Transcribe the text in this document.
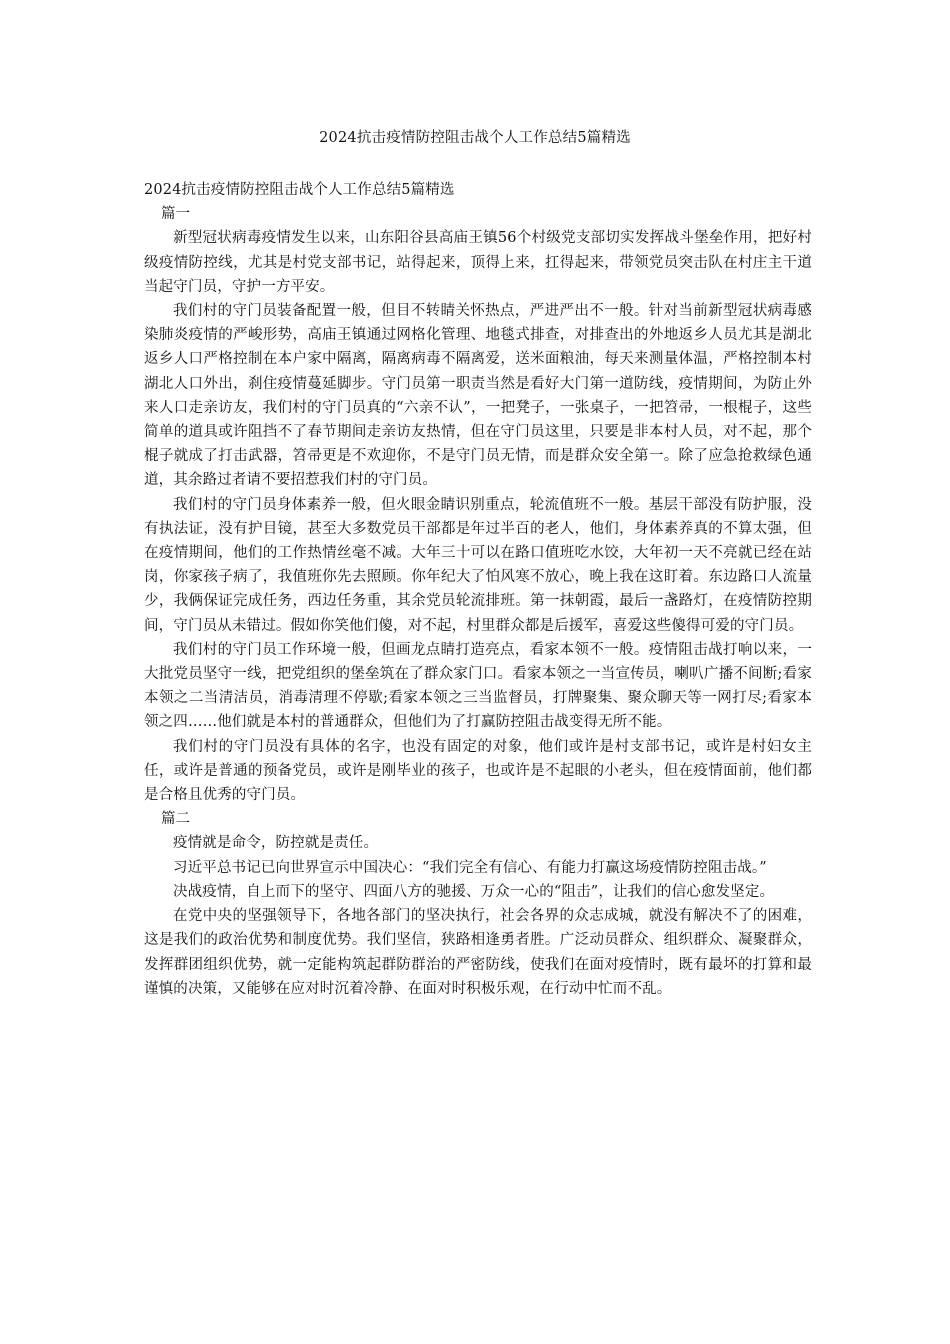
2024抗击疫情防控阻击战个人工作总结5篇精选

2024抗击疫情防控阻击战个人工作总结5篇精选

篇一

新型冠状病毒疫情发生以来，山东阳谷县高庙王镇56个村级党支部切实发挥战斗堡垒作用，把好村级疫情防控线，尤其是村党支部书记，站得起来，顶得上来，扛得起来，带领党员突击队在村庄主干道当起守门员，守护一方平安。

我们村的守门员装备配置一般，但目不转睛关怀热点，严进严出不一般。针对当前新型冠状病毒感染肺炎疫情的严峻形势，高庙王镇通过网格化管理、地毯式排查，对排查出的外地返乡人员尤其是湖北返乡人口严格控制在本户家中隔离，隔离病毒不隔离爱，送米面粮油，每天来测量体温，严格控制本村湖北人口外出，刹住疫情蔓延脚步。守门员第一职责当然是看好大门第一道防线，疫情期间，为防止外来人口走亲访友，我们村的守门员真的“六亲不认”，一把凳子，一张桌子，一把笤帚，一根棍子，这些简单的道具或许阻挡不了春节期间走亲访友热情，但在守门员这里，只要是非本村人员，对不起，那个棍子就成了打击武器，笤帚更是不欢迎你，不是守门员无情，而是群众安全第一。除了应急抢救绿色通道，其余路过者请不要招惹我们村的守门员。

我们村的守门员身体素养一般，但火眼金睛识别重点，轮流值班不一般。基层干部没有防护服，没有执法证，没有护目镜，甚至大多数党员干部都是年过半百的老人，他们，身体素养真的不算太强，但在疫情期间，他们的工作热情丝毫不减。大年三十可以在路口值班吃水饺，大年初一天不亮就已经在站岗，你家孩子病了，我值班你先去照顾。你年纪大了怕风寒不放心，晚上我在这盯着。东边路口人流量少，我俩保证完成任务，西边任务重，其余党员轮流排班。第一抹朝霞，最后一盏路灯，在疫情防控期间，守门员从未错过。假如你笑他们傻，对不起，村里群众都是后援军，喜爱这些傻得可爱的守门员。

我们村的守门员工作环境一般，但画龙点睛打造亮点，看家本领不一般。疫情阻击战打响以来，一大批党员坚守一线，把党组织的堡垒筑在了群众家门口。看家本领之一当宣传员，喇叭广播不间断;看家本领之二当清洁员，消毒清理不停歇;看家本领之三当监督员，打牌聚集、聚众聊天等一网打尽;看家本领之四……他们就是本村的普通群众，但他们为了打赢防控阻击战变得无所不能。

我们村的守门员没有具体的名字，也没有固定的对象，他们或许是村支部书记，或许是村妇女主任，或许是普通的预备党员，或许是刚毕业的孩子，也或许是不起眼的小老头，但在疫情面前，他们都是合格且优秀的守门员。

篇二

疫情就是命令，防控就是责任。

习近平总书记已向世界宣示中国决心：“我们完全有信心、有能力打赢这场疫情防控阻击战。”

决战疫情，自上而下的坚守、四面八方的驰援、万众一心的“阻击”，让我们的信心愈发坚定。

在党中央的坚强领导下，各地各部门的坚决执行，社会各界的众志成城，就没有解决不了的困难，这是我们的政治优势和制度优势。我们坚信，狭路相逢勇者胜。广泛动员群众、组织群众、凝聚群众，发挥群团组织优势，就一定能构筑起群防群治的严密防线，使我们在面对疫情时，既有最坏的打算和最谨慎的决策，又能够在应对时沉着冷静、在面对时积极乐观，在行动中忙而不乱。
